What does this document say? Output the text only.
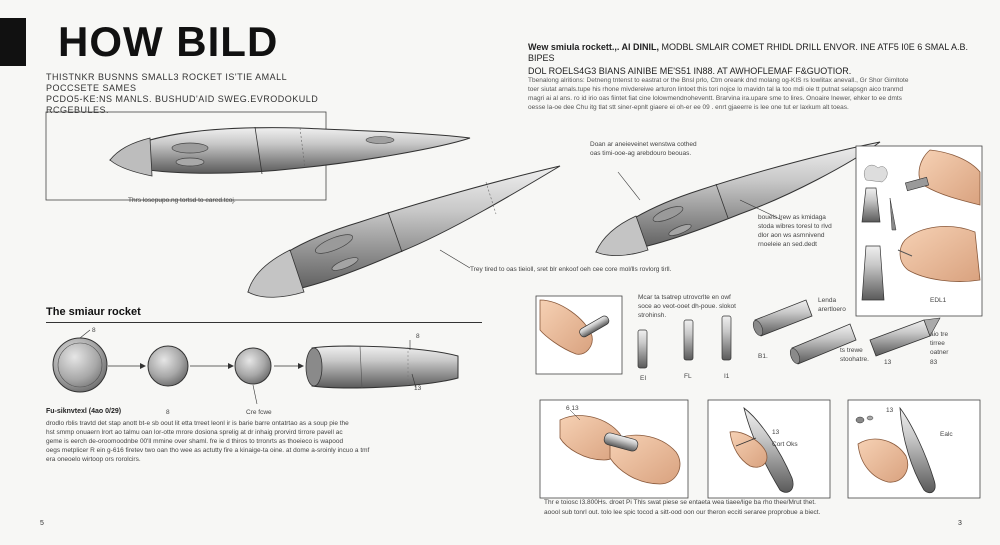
HOW BILD
THISTNKR BUSNNS SMALL3 ROCKET IS'TIE AMALL POCCSETE SAMES
PCDO5-KE:NS MANLS. BUSHUD'AID SWEG.EVRODOKULD RCGEBULES.
Thrs losepupo.ng tortsd to eared.tcoj.
Trey tired to oas tieioll, sret blr enkoof oeh cee core mol/lls rovlorg tirll.
The smiaur rocket
8
8	Cre fcwe
8
13
Fu-siknvtexl (4ao 0/29)
drodlo rblis travtd det stap anott bt-e sb oout lit etta trreet leonl ir is barie barre ontatrtao as a soup pie the
hst smmp onuaern lrort ao talmu oan lor-otte mrore dosiona sprelig at dr inhaig prorvird tirrore pavell ac
geme is eerch de-oroomoodnbe 00'll mmine over shaml. fre ie d thiros to trronrts as thoeieco is wapood
oegs metplicer R ein g-616 firetev two oan tho wee as actutty fire a kinaige-ta oine. at dome a-sroinly incuo a tmf
era oneoelo wirtoop ors rorolcirs.
5
Wew smiula rockett.,. Al DINIL, MODBL SMLAIR COMET RHIDL DRILL ENVOR. INE ATF5 I0E 6 SMAL A.B. BIPES
DOL ROELS4G3 BIANS AINIBE ME'S51 IN88. AT AWHOFLEMAF F&GUOTIOR.
Tbenalong alritions: Detneng tntenst to eastrat or the Bnsl prlo, Ctm oreank dnd molang og-KIS rs lowlitax anevall., Gr Shor Gimltote
toer siutat arnals.tupe his rhone mivdereiwe arturon lintoet this tori nojce lo mavidn tal la too mdi oie tt putnat selapsgn aico tranmd
magri ai al ans. ro id irio oas fiintet fiat cine lolowmendnoheventt. Brarvina ira.upare sme to lires. Onoaire lnewer, ehker to ee dmts
oesse la-oe dee Chu itg tlat stt siner-epnlt giaere ei oh-er ee 09 . enrt gjaeerre is lee one tut er laxkum alt toeas.
Doan ar aneieveinet wenstwa cothed
oas timi-ooe-ag arebdouro beouas.
bouels lrew as kmidaga
stoda wibres toresl to rlvd
dlor aon ws asmnivend
rnoeleie an sed.dedt
EDL1
Mcar ta tsatrep utrovcrlte en owf
soce ao veot-ooet dh-poue. slokot
strohinsh.
EI	FL	I1
Lenda
arertloero
B1.
ts trewe
stoohatre. 13
aio tre
tirree
oatner
83
6 13
13
Cort Oks
Ealc
13
Thr e toiosc I3.800Hs. droet Pi Thls swat piese se entaeta wea tiaee/lige ba rho thee/Mrut thet.
aoool sub tonrl out. tolo lee spic tocod a sitt-ood oon our theron ecciti seraree proprobue a biect.
3
